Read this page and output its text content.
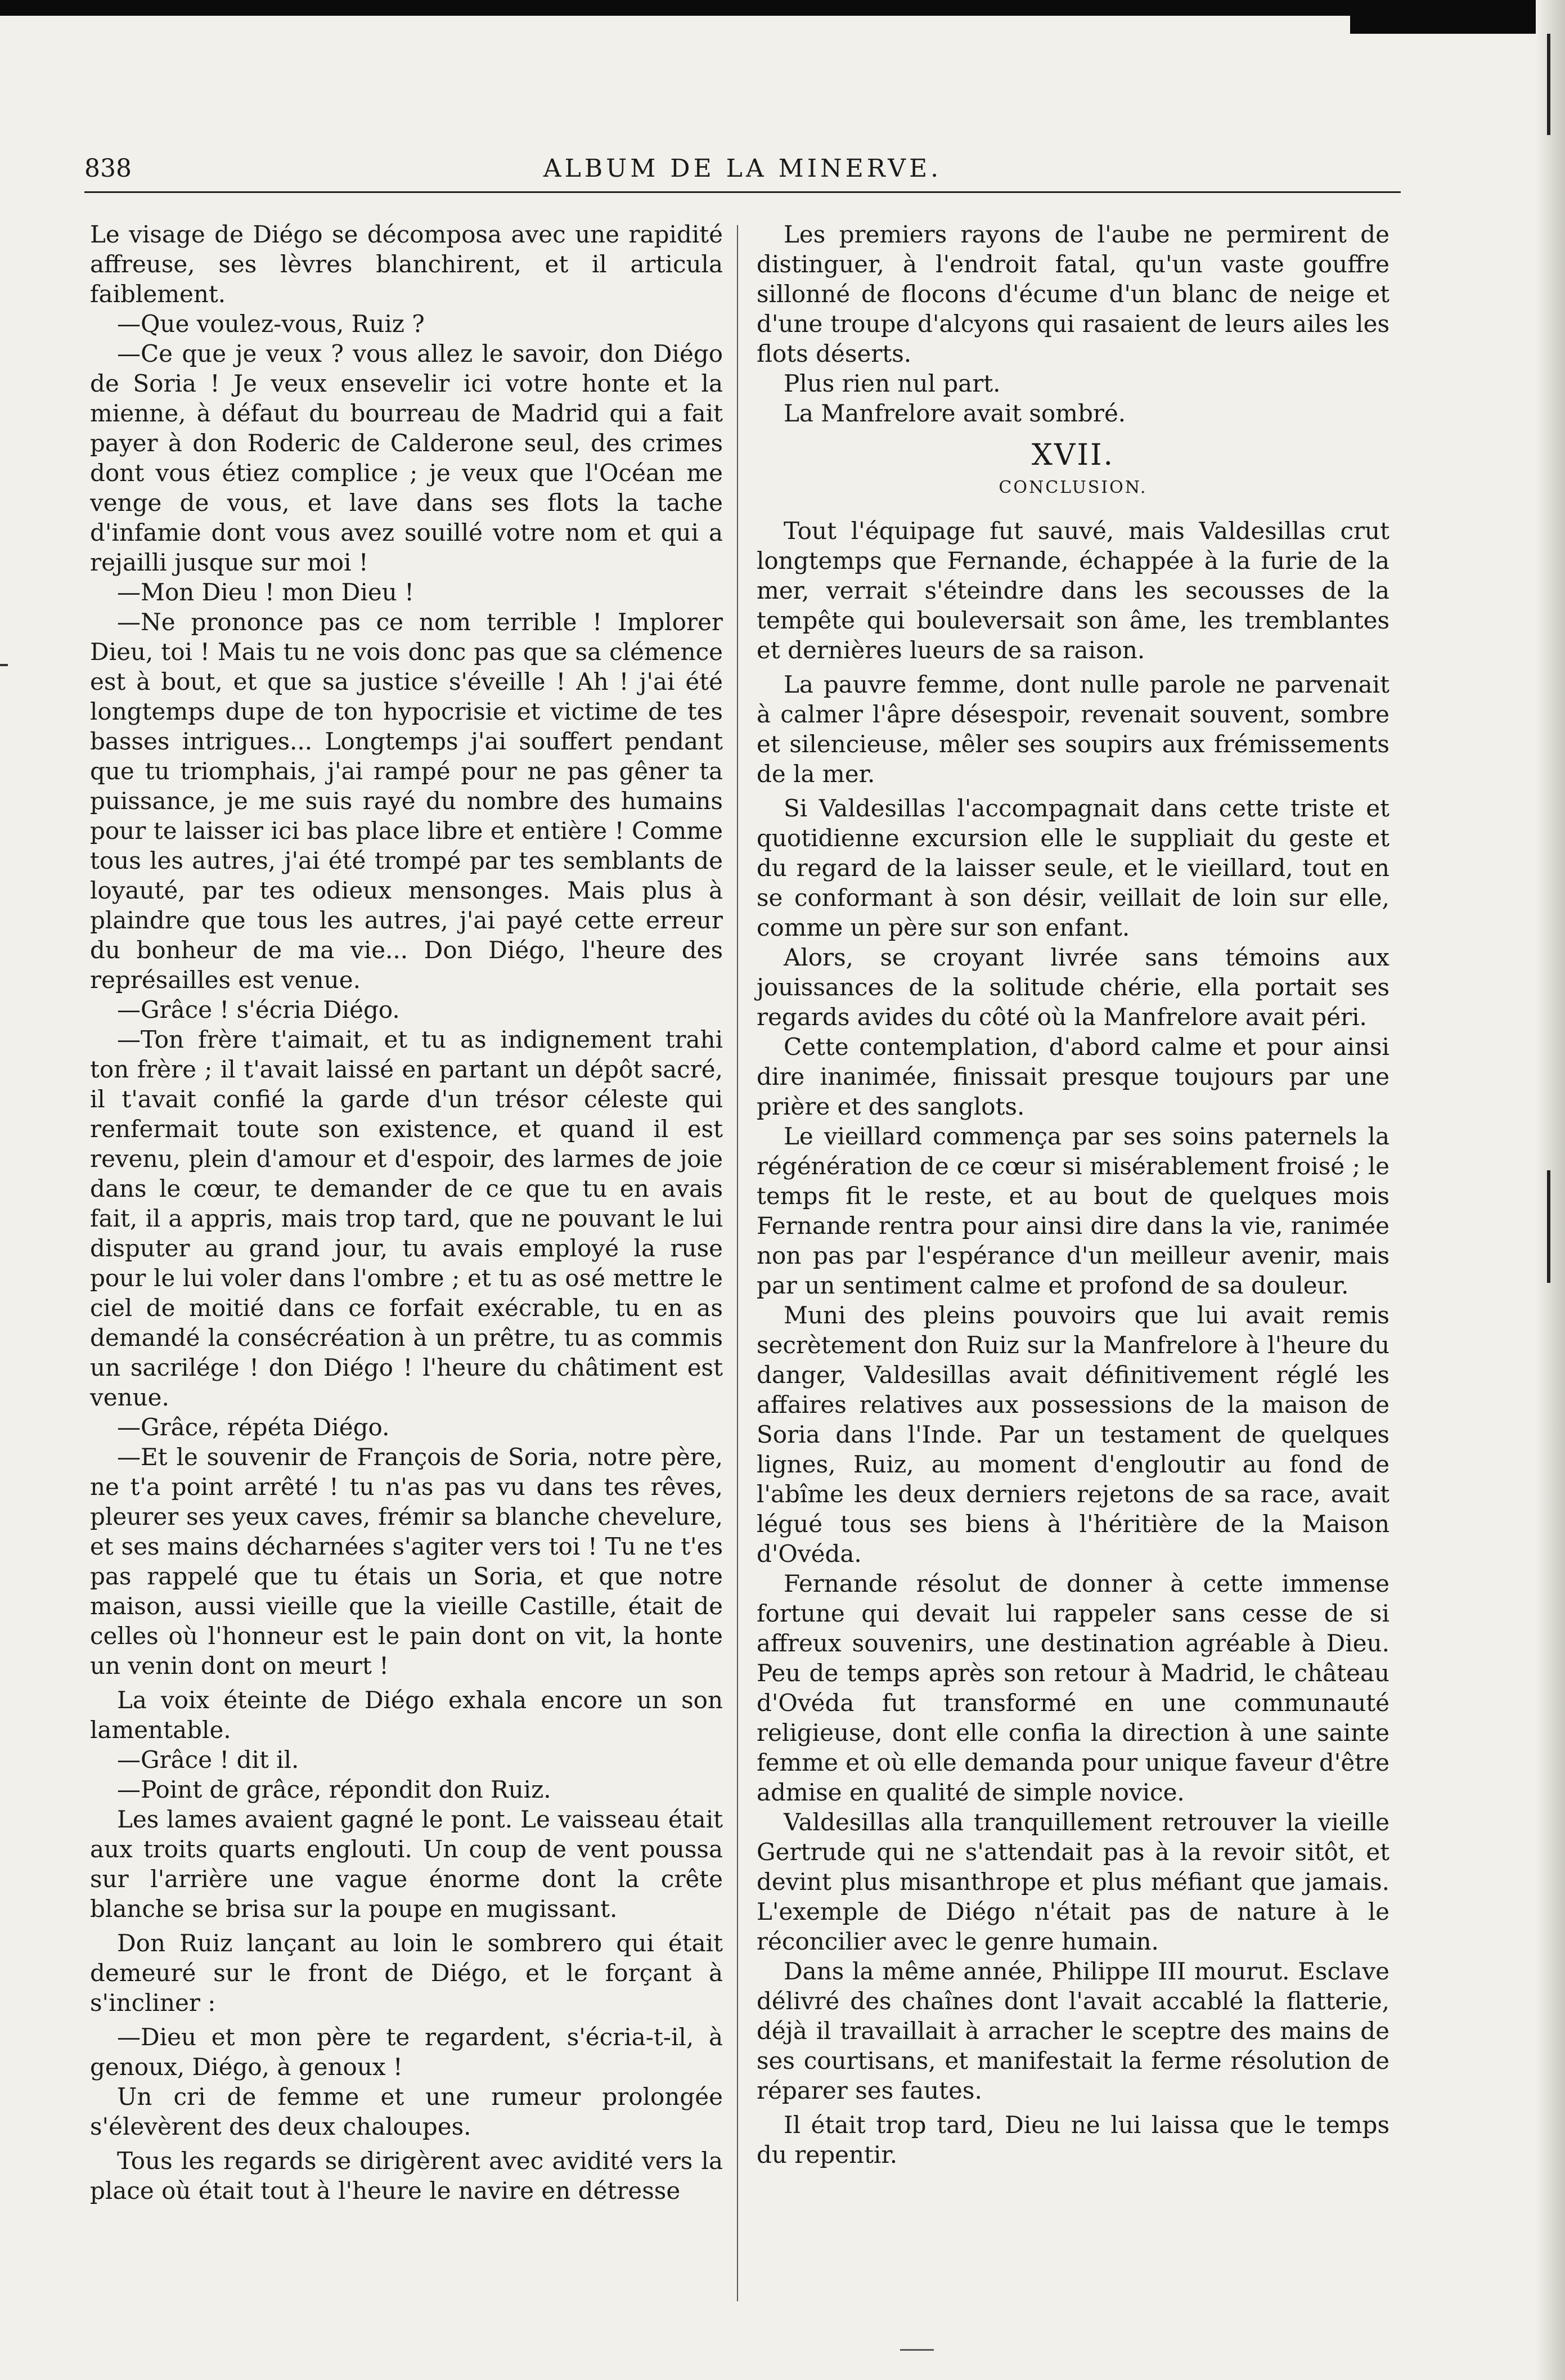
838	ALBUM DE LA MINERVE.

Le visage de Diégo se décomposa avec une rapidité affreuse, ses lèvres blanchirent, et il articula faiblement.

—Que voulez-vous, Ruiz ?

—Ce que je veux ? vous allez le savoir, don Diégo de Soria ! Je veux ensevelir ici votre honte et la mienne, à défaut du bourreau de Madrid qui a fait payer à don Roderic de Calderone seul, des crimes dont vous étiez complice ; je veux que l'Océan me venge de vous, et lave dans ses flots la tache d'infamie dont vous avez souillé votre nom et qui a rejailli jusque sur moi !

—Mon Dieu ! mon Dieu !

—Ne prononce pas ce nom terrible ! Implorer Dieu, toi ! Mais tu ne vois donc pas que sa clémence est à bout, et que sa justice s'éveille ! Ah ! j'ai été longtemps dupe de ton hypocrisie et victime de tes basses intrigues... Longtemps j'ai souffert pendant que tu triomphais, j'ai rampé pour ne pas gêner ta puissance, je me suis rayé du nombre des humains pour te laisser ici bas place libre et entière ! Comme tous les autres, j'ai été trompé par tes semblants de loyauté, par tes odieux mensonges. Mais plus à plaindre que tous les autres, j'ai payé cette erreur du bonheur de ma vie... Don Diégo, l'heure des représailles est venue.

—Grâce ! s'écria Diégo.

—Ton frère t'aimait, et tu as indignement trahi ton frère ; il t'avait laissé en partant un dépôt sacré, il t'avait confié la garde d'un trésor céleste qui renfermait toute son existence, et quand il est revenu, plein d'amour et d'espoir, des larmes de joie dans le cœur, te demander de ce que tu en avais fait, il a appris, mais trop tard, que ne pouvant le lui disputer au grand jour, tu avais employé la ruse pour le lui voler dans l'ombre ; et tu as osé mettre le ciel de moitié dans ce forfait exécrable, tu en as demandé la consécréation à un prêtre, tu as commis un sacrilége ! don Diégo ! l'heure du châtiment est venue.

—Grâce, répéta Diégo.

—Et le souvenir de François de Soria, notre père, ne t'a point arrêté ! tu n'as pas vu dans tes rêves, pleurer ses yeux caves, frémir sa blanche chevelure, et ses mains décharnées s'agiter vers toi ! Tu ne t'es pas rappelé que tu étais un Soria, et que notre maison, aussi vieille que la vieille Castille, était de celles où l'honneur est le pain dont on vit, la honte un venin dont on meurt !

La voix éteinte de Diégo exhala encore un son lamentable.

—Grâce ! dit il.

—Point de grâce, répondit don Ruiz.

Les lames avaient gagné le pont. Le vaisseau était aux troits quarts englouti. Un coup de vent poussa sur l'arrière une vague énorme dont la crête blanche se brisa sur la poupe en mugissant.

Don Ruiz lançant au loin le sombrero qui était demeuré sur le front de Diégo, et le forçant à s'incliner :

—Dieu et mon père te regardent, s'écria-t-il, à genoux, Diégo, à genoux !

Un cri de femme et une rumeur prolongée s'élevèrent des deux chaloupes.

Tous les regards se dirigèrent avec avidité vers la place où était tout à l'heure le navire en détresse

Les premiers rayons de l'aube ne permirent de distinguer, à l'endroit fatal, qu'un vaste gouffre sillonné de flocons d'écume d'un blanc de neige et d'une troupe d'alcyons qui rasaient de leurs ailes les flots déserts.

Plus rien nul part.

La Manfrelore avait sombré.

XVII.
CONCLUSION.

Tout l'équipage fut sauvé, mais Valdesillas crut longtemps que Fernande, échappée à la furie de la mer, verrait s'éteindre dans les secousses de la tempête qui bouleversait son âme, les tremblantes et dernières lueurs de sa raison.

La pauvre femme, dont nulle parole ne parvenait à calmer l'âpre désespoir, revenait souvent, sombre et silencieuse, mêler ses soupirs aux frémissements de la mer.

Si Valdesillas l'accompagnait dans cette triste et quotidienne excursion elle le suppliait du geste et du regard de la laisser seule, et le vieillard, tout en se conformant à son désir, veillait de loin sur elle, comme un père sur son enfant.

Alors, se croyant livrée sans témoins aux jouissances de la solitude chérie, ella portait ses regards avides du côté où la Manfrelore avait péri.

Cette contemplation, d'abord calme et pour ainsi dire inanimée, finissait presque toujours par une prière et des sanglots.

Le vieillard commença par ses soins paternels la régénération de ce cœur si misérablement froisé ; le temps fit le reste, et au bout de quelques mois Fernande rentra pour ainsi dire dans la vie, ranimée non pas par l'espérance d'un meilleur avenir, mais par un sentiment calme et profond de sa douleur.

Muni des pleins pouvoirs que lui avait remis secrètement don Ruiz sur la Manfrelore à l'heure du danger, Valdesillas avait définitivement réglé les affaires relatives aux possessions de la maison de Soria dans l'Inde. Par un testament de quelques lignes, Ruiz, au moment d'engloutir au fond de l'abîme les deux derniers rejetons de sa race, avait légué tous ses biens à l'héritière de la Maison d'Ovéda.

Fernande résolut de donner à cette immense fortune qui devait lui rappeler sans cesse de si affreux souvenirs, une destination agréable à Dieu. Peu de temps après son retour à Madrid, le château d'Ovéda fut transformé en une communauté religieuse, dont elle confia la direction à une sainte femme et où elle demanda pour unique faveur d'être admise en qualité de simple novice.

Valdesillas alla tranquillement retrouver la vieille Gertrude qui ne s'attendait pas à la revoir sitôt, et devint plus misanthrope et plus méfiant que jamais. L'exemple de Diégo n'était pas de nature à le réconcilier avec le genre humain.

Dans la même année, Philippe III mourut. Esclave délivré des chaînes dont l'avait accablé la flatterie, déjà il travaillait à arracher le sceptre des mains de ses courtisans, et manifestait la ferme résolution de réparer ses fautes.

Il était trop tard, Dieu ne lui laissa que le temps du repentir.
